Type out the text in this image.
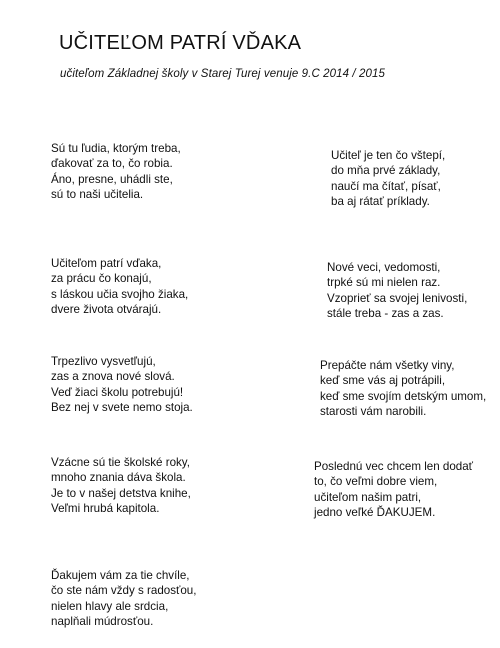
UČITEĽOM PATRÍ VĎAKA

učiteľom Základnej školy v Starej Turej venuje 9.C 2014 / 2015

Sú tu ľudia, ktorým treba,
ďakovať za to, čo robia.
Áno, presne, uhádli ste,
sú to naši učitelia.
Učiteľom patrí vďaka,
za prácu čo konajú,
s láskou učia svojho žiaka,
dvere života otvárajú.
Trpezlivo vysvetľujú,
zas a znova nové slová.
Veď žiaci školu potrebujú!
Bez nej v svete nemo stoja.
Vzácne sú tie školské roky,
mnoho znania dáva škola.
Je to v našej detstva knihe,
Veľmi hrubá kapitola.
Ďakujem vám za tie chvíle,
čo ste nám vždy s radosťou,
nielen hlavy ale srdcia,
naplňali múdrosťou.
Učiteľ je ten čo vštepí,
do mňa prvé základy,
naučí ma čítať, písať,
ba aj rátať príklady.
Nové veci, vedomosti,
trpké sú mi nielen raz.
Vzoprieť sa svojej lenivosti,
stále treba - zas a zas.
Prepáčte nám všetky viny,
keď sme vás aj potrápili,
keď sme svojím detským umom,
starosti vám narobili.
Poslednú vec chcem len dodať
to, čo veľmi dobre viem,
učiteľom našim patri,
jedno veľké ĎAKUJEM.
